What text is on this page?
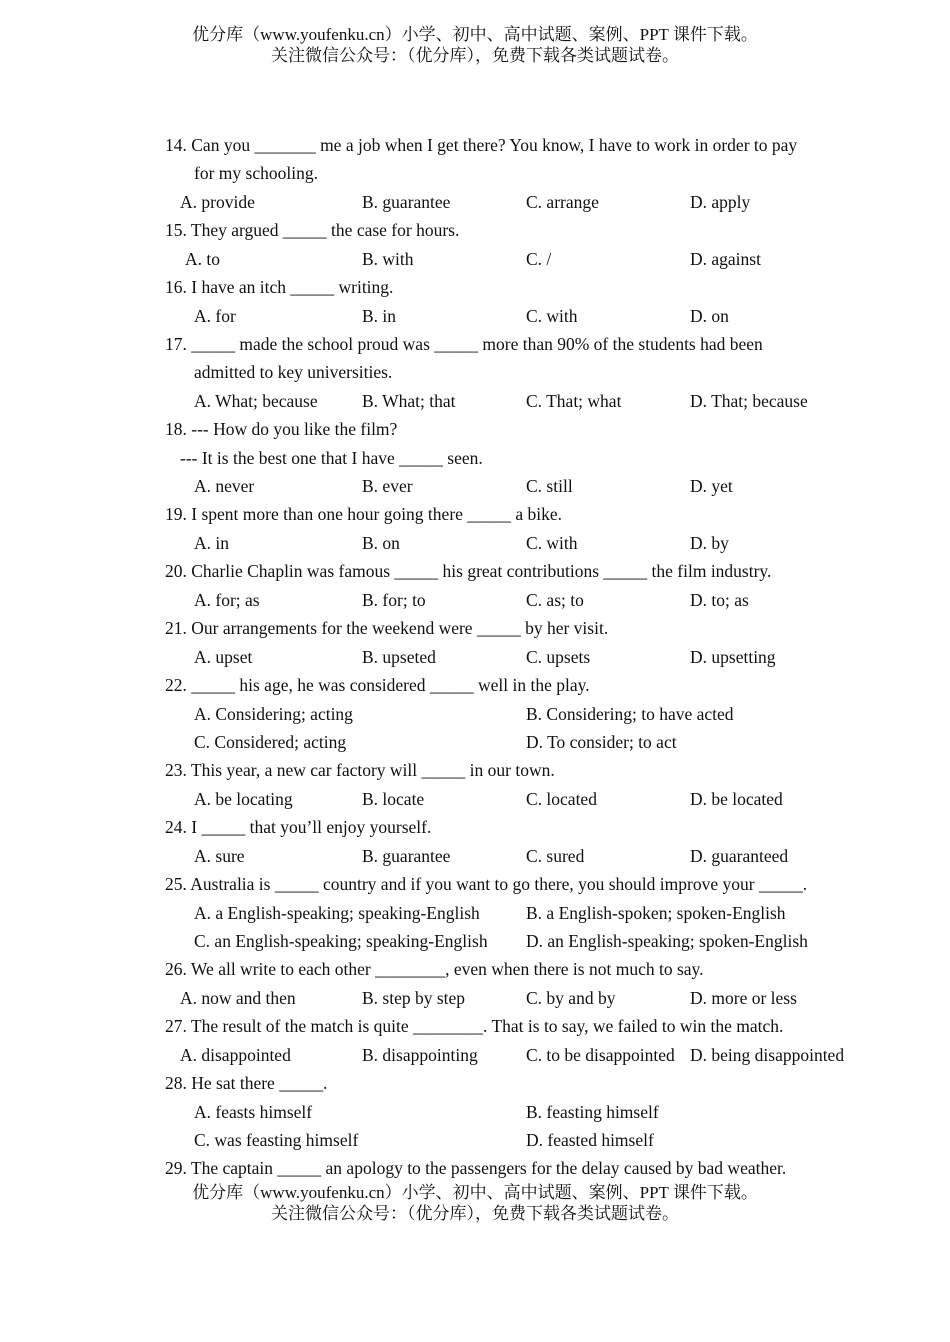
优分库（www.youfenku.cn）小学、初中、高中试题、案例、PPT 课件下载。
关注微信公众号：（优分库），免费下载各类试题试卷。
14. Can you _______ me a job when I get there? You know, I have to work in order to pay
for my schooling.
A. provide	B. guarantee	C. arrange	D. apply
15. They argued _____ the case for hours.
A. to	B. with	C. /	D. against
16. I have an itch _____ writing.
A. for	B. in	C. with	D. on
17. _____ made the school proud was _____ more than 90% of the students had been
admitted to key universities.
A. What; because	B. What; that	C. That; what	D. That; because
18. --- How do you like the film?
--- It is the best one that I have _____ seen.
A. never	B. ever	C. still	D. yet
19. I spent more than one hour going there _____ a bike.
A. in	B. on	C. with	D. by
20. Charlie Chaplin was famous _____ his great contributions _____ the film industry.
A. for; as	B. for; to	C. as; to	D. to; as
21. Our arrangements for the weekend were _____ by her visit.
A. upset	B. upseted	C. upsets	D. upsetting
22. _____ his age, he was considered _____ well in the play.
A. Considering; acting	B. Considering; to have acted
C. Considered; acting	D. To consider; to act
23. This year, a new car factory will _____ in our town.
A. be locating	B. locate	C. located	D. be located
24. I _____ that you’ll enjoy yourself.
A. sure	B. guarantee	C. sured	D. guaranteed
25. Australia is _____ country and if you want to go there, you should improve your _____.
A. a English-speaking; speaking-English	B. a English-spoken; spoken-English
C. an English-speaking; speaking-English D. an English-speaking; spoken-English
26. We all write to each other ________, even when there is not much to say.
A. now and then	B. step by step	C. by and by	D. more or less
27. The result of the match is quite ________. That is to say, we failed to win the match.
A. disappointed	B. disappointing	C. to be disappointed D. being disappointed
28. He sat there _____.
A. feasts himself	B. feasting himself
C. was feasting himself	D. feasted himself
29. The captain _____ an apology to the passengers for the delay caused by bad weather.
优分库（www.youfenku.cn）小学、初中、高中试题、案例、PPT 课件下载。
关注微信公众号：（优分库），免费下载各类试题试卷。
